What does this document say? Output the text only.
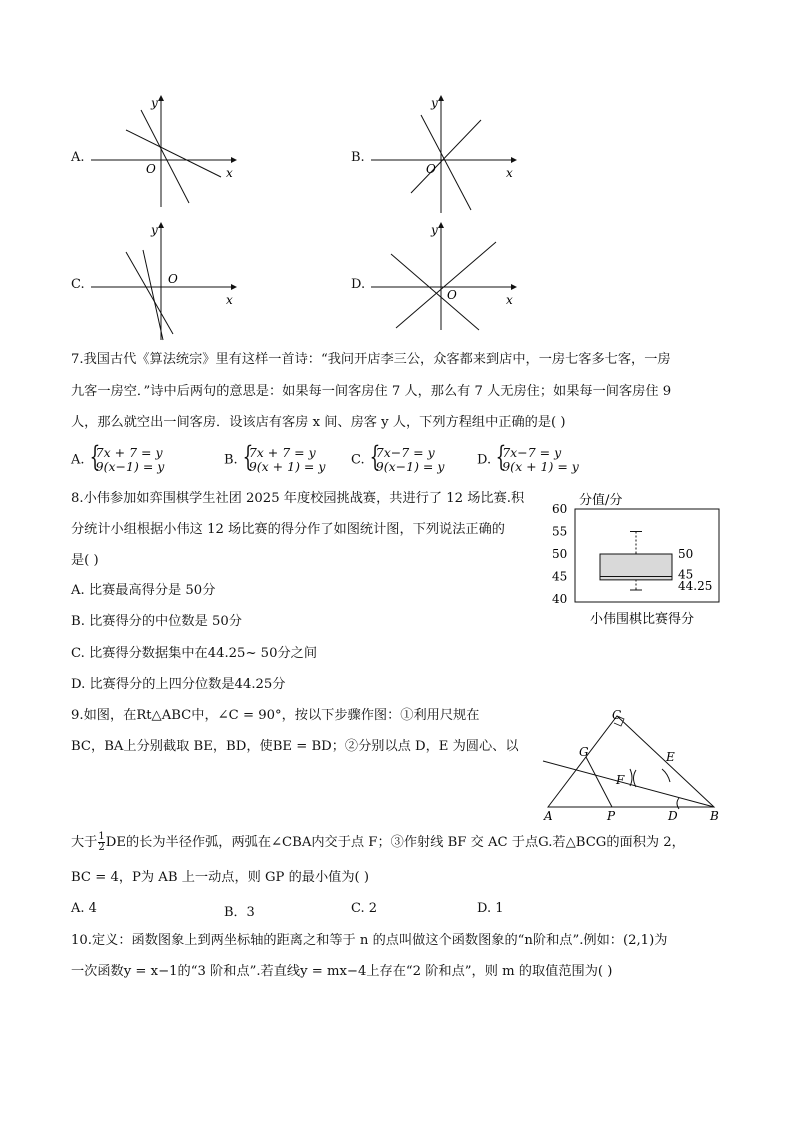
A.
O	x
y
B.
O	x
y
C.	O
x
y
D.
O	x
y
7.我国古代《算法统宗》里有这样一首诗：“我问开店李三公，众客都来到店中，一房七客多七客，一房
九客一房空．”诗中后两句的意思是：如果每一间客房住 7 人，那么有 7 人无房住；如果每一间客房住 9
人，那么就空出一间客房．设该店有客房 x 间、房客 y 人，下列方程组中正确的是( )
A. { 7x + 7 = y
9(x−1) = y	B. { 7x + 7 = y
9(x + 1) = y C. { 7x−7 = y
9(x−1) = y	D. { 7x−7 = y
9(x + 1) = y
8.小伟参加如弈围棋学生社团 2025 年度校园挑战赛，共进行了 12 场比赛.积
分统计小组根据小伟这 12 场比赛的得分作了如图统计图，下列说法正确的
是( )
A. 比赛最高得分是 50分
B. 比赛得分的中位数是 50分
C. 比赛得分数据集中在44.25~ 50分之间
D. 比赛得分的上四分位数是44.25分
分值/分
40
45
50
55
60
50
45
44.25
小伟围棋比赛得分
9.如图，在Rt△ABC中，∠C = 90°，按以下步骤作图：①利用尺规在
BC，BA上分别截取 BE，BD，使BE = BD；②分别以点 D，E 为圆心、以
C
G	E
F
A	P	D	B
大于 $\frac{1}{2}$ DE的长为半径作弧，两弧在∠CBA内交于点 F；③作射线 BF 交 AC 于点G.若△BCG的面积为 2，
BC = 4，P为 AB 上一动点，则 GP 的最小值为( )
A. 4	B．3	C. 2	D. 1
10.定义：函数图象上到两坐标轴的距离之和等于 n 的点叫做这个函数图象的“n阶和点”.例如：(2,1)为
一次函数y = x−1的“3 阶和点”.若直线y = mx−4上存在“2 阶和点”，则 m 的取值范围为( )
